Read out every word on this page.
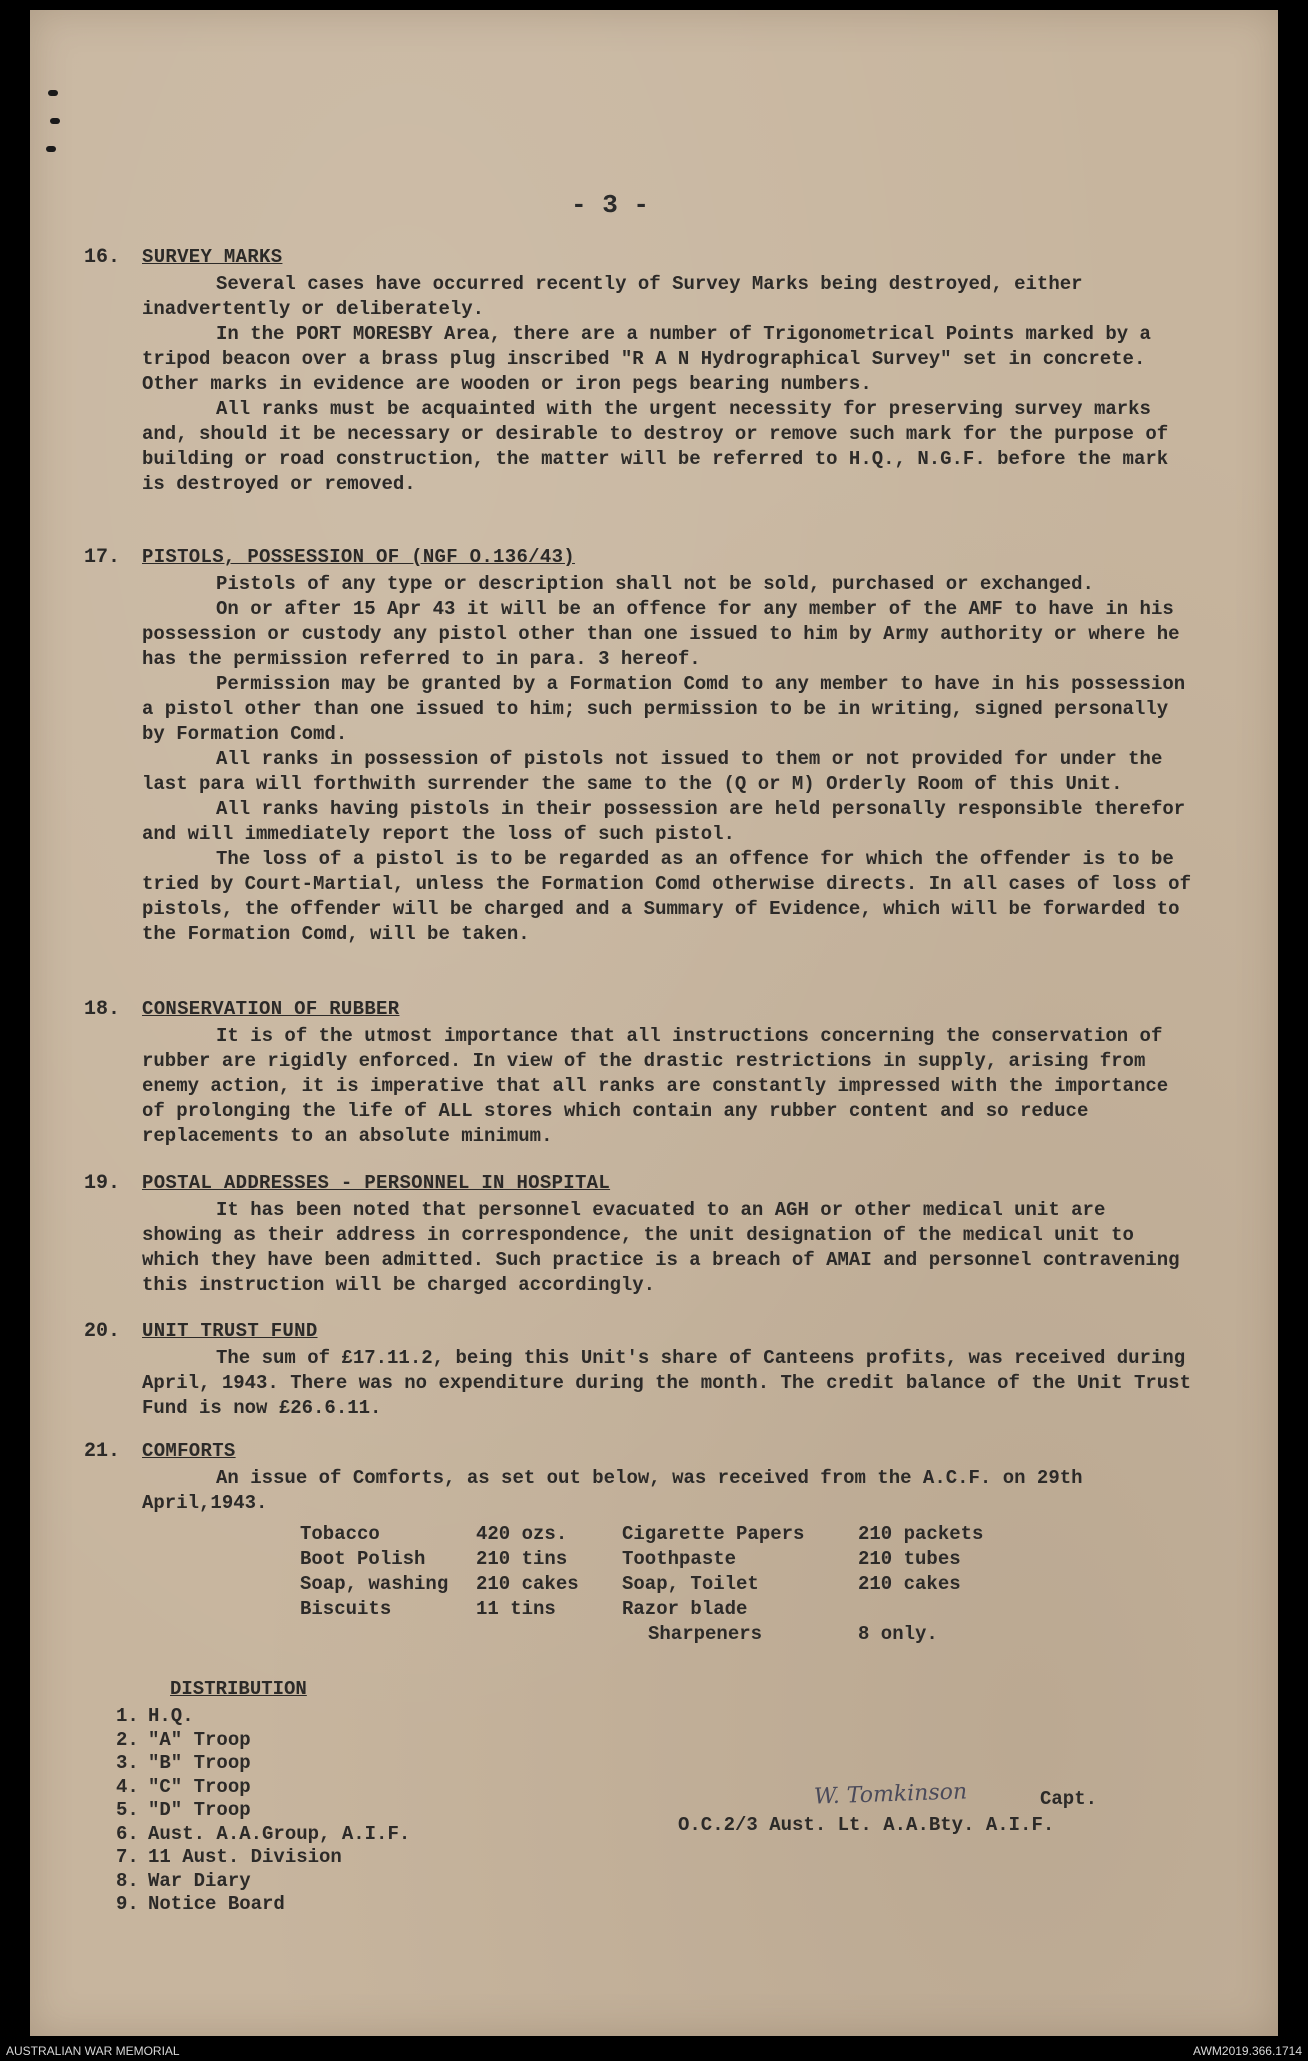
- 3 -
16.	SURVEY MARKS

Several cases have occurred recently of Survey Marks being destroyed, either inadvertently or deliberately.

In the PORT MORESBY Area, there are a number of Trigonometrical Points marked by a tripod beacon over a brass plug inscribed "R A N Hydrographical Survey" set in concrete. Other marks in evidence are wooden or iron pegs bearing numbers.

All ranks must be acquainted with the urgent necessity for preserving survey marks and, should it be necessary or desirable to destroy or remove such mark for the purpose of building or road construction, the matter will be referred to H.Q., N.G.F. before the mark is destroyed or removed.

17.	PISTOLS, POSSESSION OF (NGF O.136/43)

Pistols of any type or description shall not be sold, purchased or exchanged.

On or after 15 Apr 43 it will be an offence for any member of the AMF to have in his possession or custody any pistol other than one issued to him by Army authority or where he has the permission referred to in para. 3 hereof.

Permission may be granted by a Formation Comd to any member to have in his possession a pistol other than one issued to him; such permission to be in writing, signed personally by Formation Comd.

All ranks in possession of pistols not issued to them or not provided for under the last para will forthwith surrender the same to the (Q or M) Orderly Room of this Unit.

All ranks having pistols in their possession are held personally responsible therefor and will immediately report the loss of such pistol.

The loss of a pistol is to be regarded as an offence for which the offender is to be tried by Court-Martial, unless the Formation Comd otherwise directs. In all cases of loss of pistols, the offender will be charged and a Summary of Evidence, which will be forwarded to the Formation Comd, will be taken.

18.	CONSERVATION OF RUBBER

It is of the utmost importance that all instructions concerning the conservation of rubber are rigidly enforced. In view of the drastic restrictions in supply, arising from enemy action, it is imperative that all ranks are constantly impressed with the importance of prolonging the life of ALL stores which contain any rubber content and so reduce replacements to an absolute minimum.

19.	POSTAL ADDRESSES - PERSONNEL IN HOSPITAL

It has been noted that personnel evacuated to an AGH or other medical unit are showing as their address in correspondence, the unit designation of the medical unit to which they have been admitted. Such practice is a breach of AMAI and personnel contravening this instruction will be charged accordingly.

20.	UNIT TRUST FUND

The sum of £17.11.2, being this Unit's share of Canteens profits, was received during April, 1943. There was no expenditure during the month. The credit balance of the Unit Trust Fund is now £26.6.11.

21.	COMFORTS

An issue of Comforts, as set out below, was received from the A.C.F. on 29th April,1943.

Tobacco	420 ozs.	Cigarette Papers	210 packets
Boot Polish	210 tins	Toothpaste	210 tubes
Soap, washing	210 cakes	Soap, Toilet	210 cakes
Biscuits	11 tins	Razor blade	
		Sharpeners	8 only.
DISTRIBUTION
1. H.Q.
2. "A" Troop
3. "B" Troop
4. "C" Troop
5. "D" Troop
6. Aust. A.A.Group, A.I.F.
7. 11 Aust. Division
8. War Diary
9. Notice Board
W. Tomkinson	Capt.
O.C.2/3 Aust. Lt. A.A.Bty. A.I.F.
AUSTRALIAN WAR MEMORIAL	AWM2019.366.1714
